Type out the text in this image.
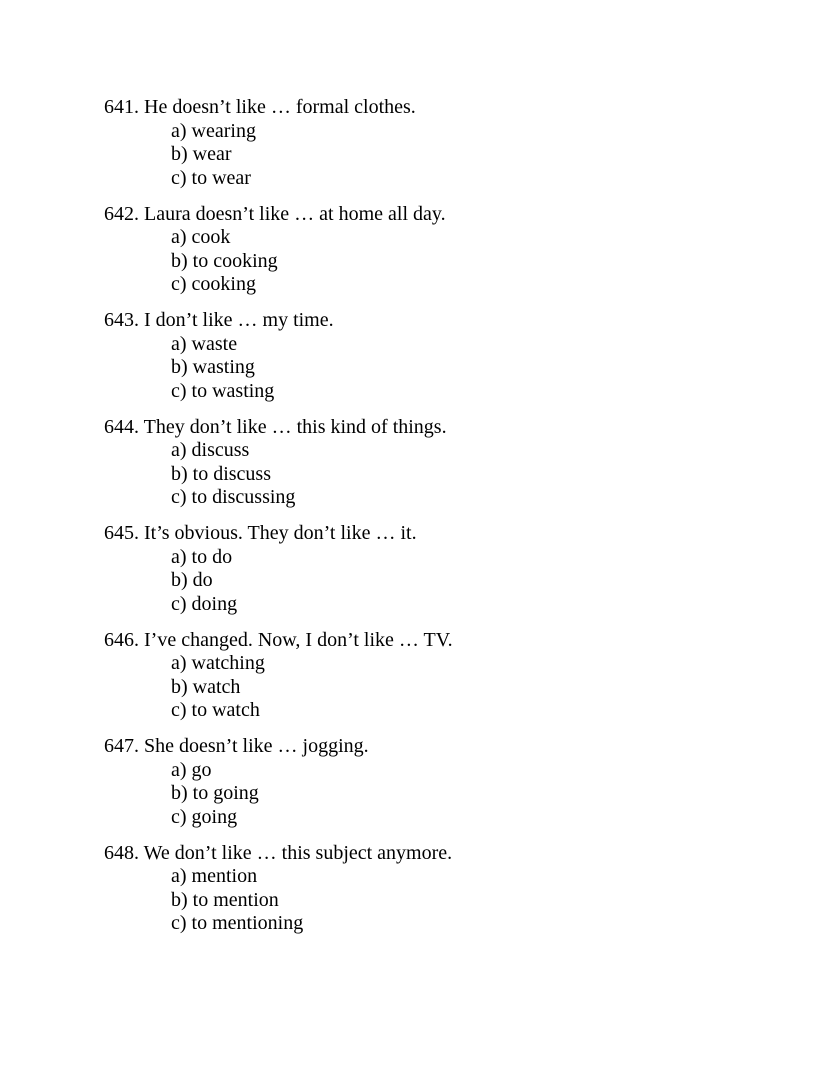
641. He doesn’t like … formal clothes.
a) wearing
b) wear
c) to wear
642. Laura doesn’t like … at home all day.
a) cook
b) to cooking
c) cooking
643. I don’t like … my time.
a) waste
b) wasting
c) to wasting
644. They don’t like … this kind of things.
a) discuss
b) to discuss
c) to discussing
645. It’s obvious. They don’t like … it.
a) to do
b) do
c) doing
646. I’ve changed. Now, I don’t like … TV.
a) watching
b) watch
c) to watch
647. She doesn’t like … jogging.
a) go
b) to going
c) going
648. We don’t like … this subject anymore.
a) mention
b) to mention
c) to mentioning
